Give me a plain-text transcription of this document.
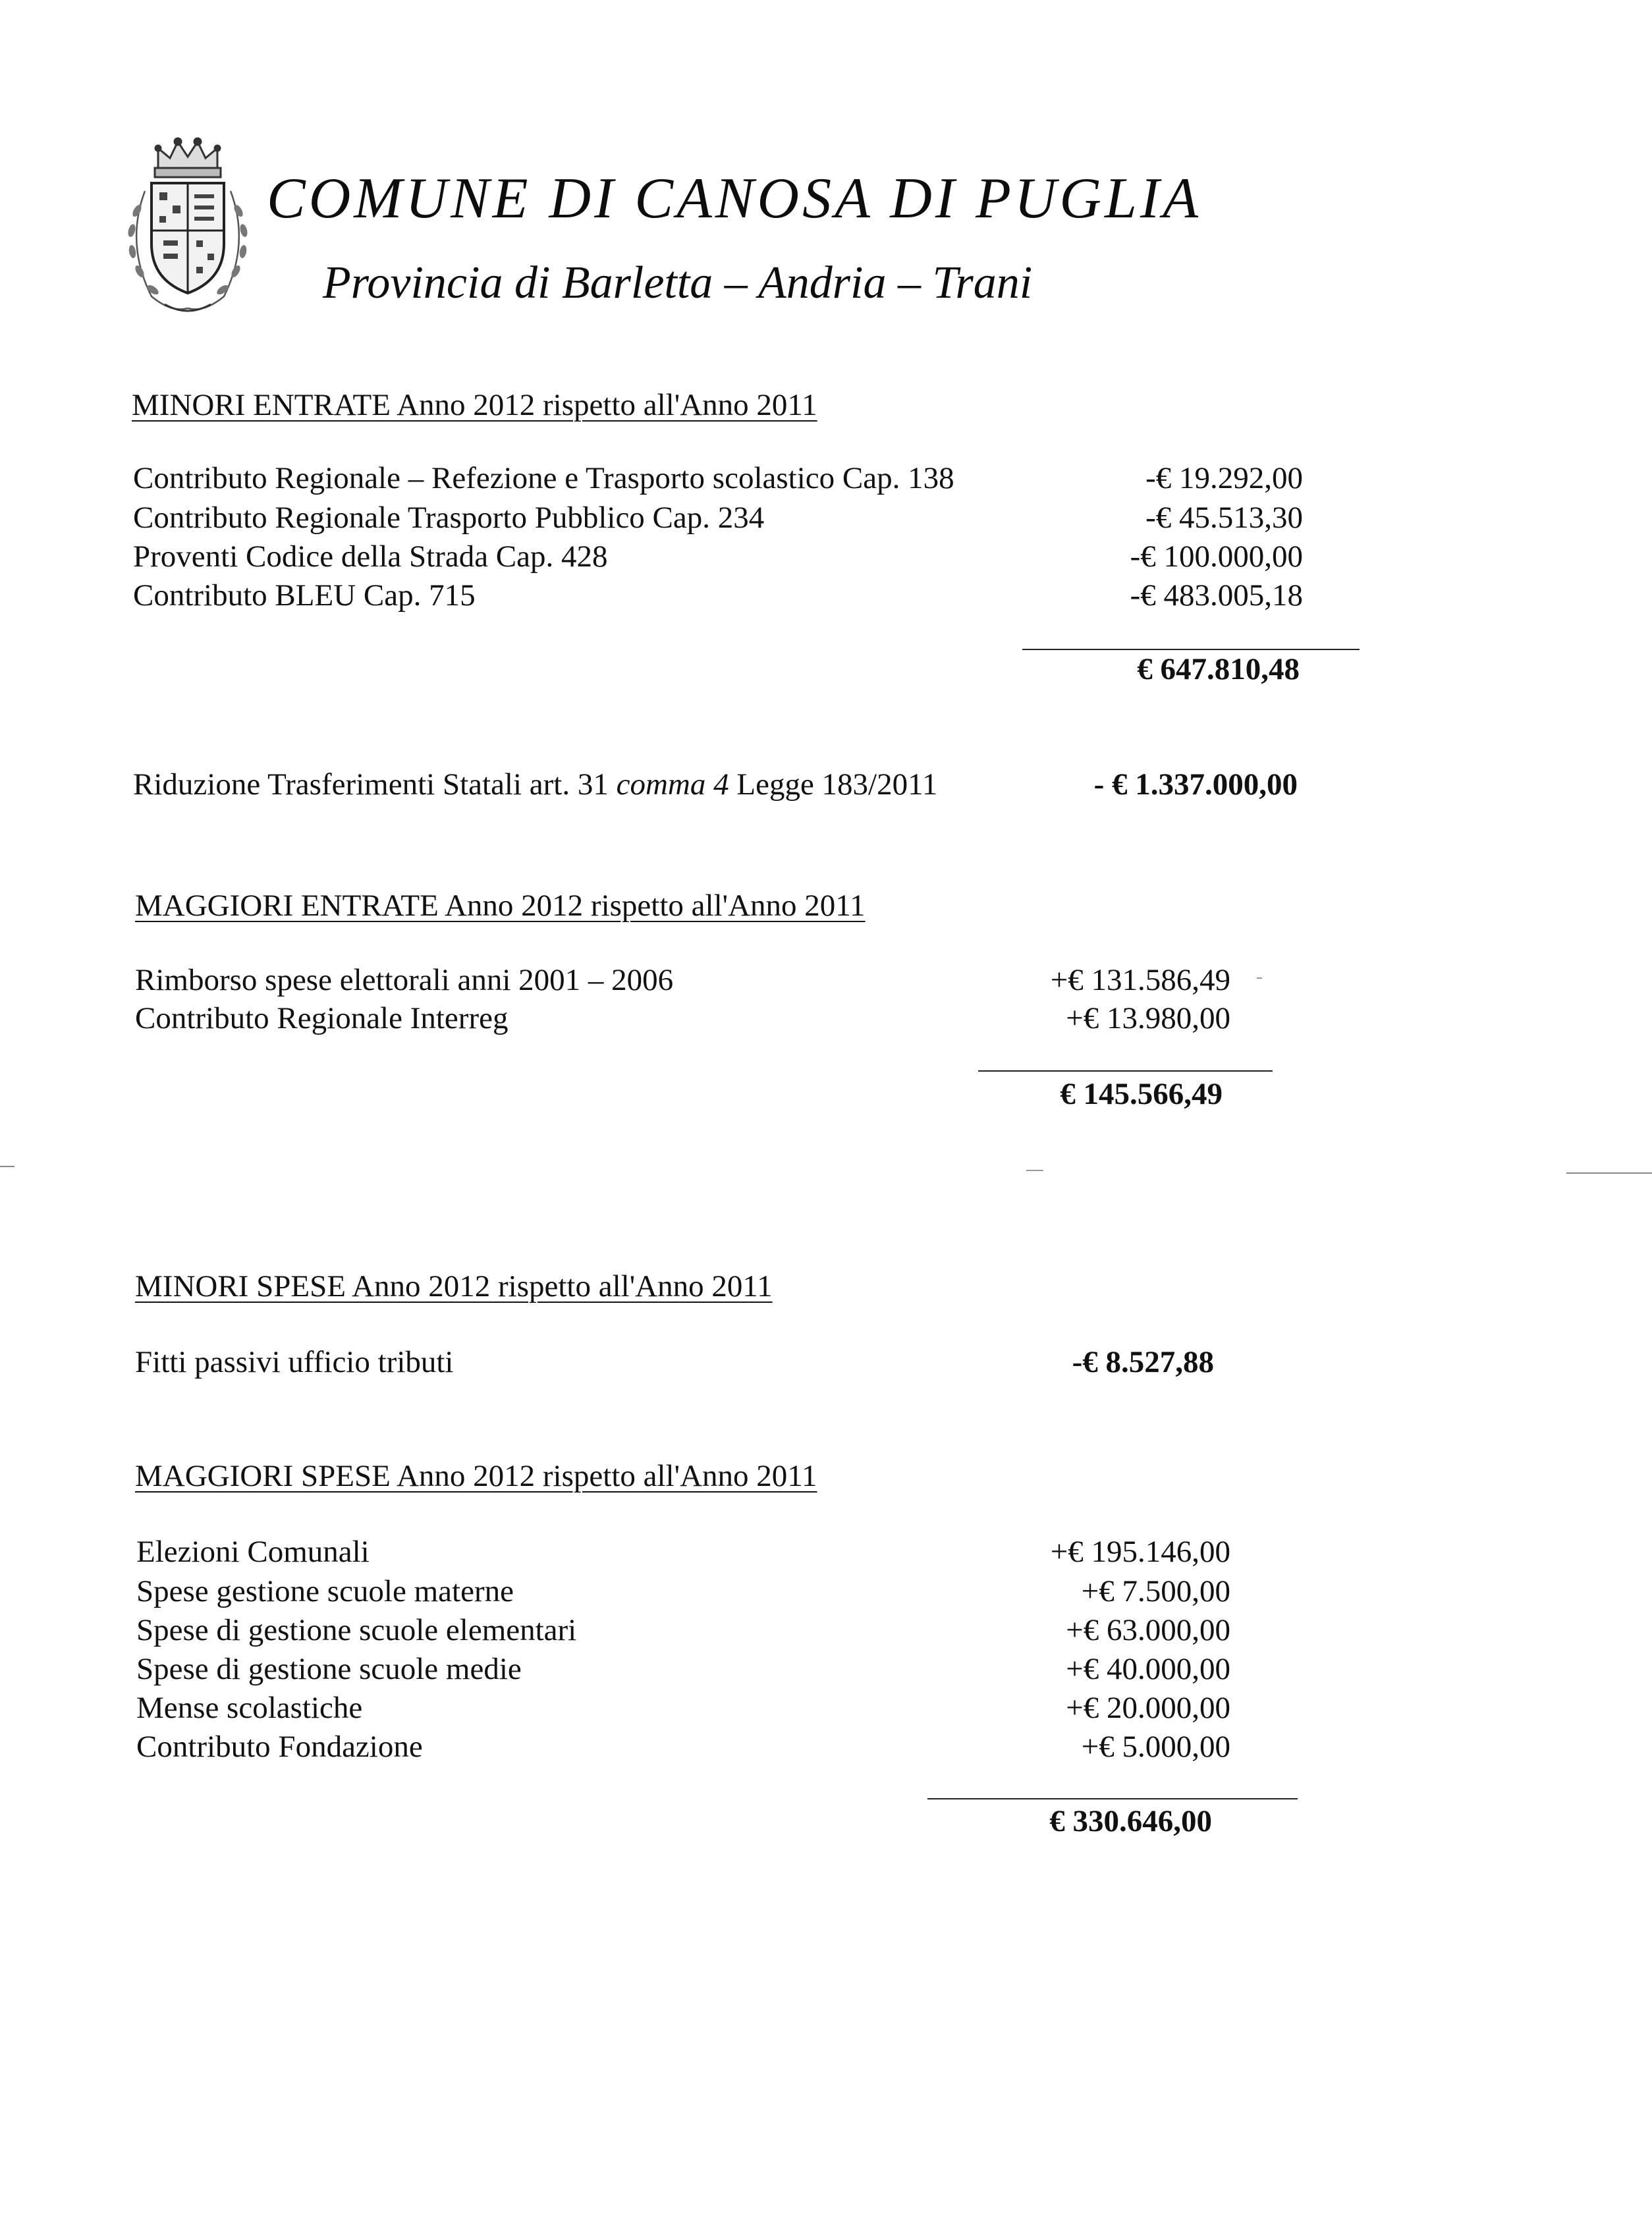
COMUNE DI CANOSA DI PUGLIA
Provincia di Barletta – Andria – Trani
MINORI ENTRATE Anno 2012 rispetto all'Anno 2011
Contributo Regionale – Refezione e Trasporto scolastico Cap. 138
Contributo Regionale Trasporto Pubblico Cap. 234
Proventi Codice della Strada Cap. 428
Contributo BLEU Cap. 715
-€ 19.292,00
-€ 45.513,30
-€ 100.000,00
-€ 483.005,18
€ 647.810,48
Riduzione Trasferimenti Statali art. 31 comma 4 Legge 183/2011	- € 1.337.000,00
MAGGIORI ENTRATE Anno 2012 rispetto all'Anno 2011
Rimborso spese elettorali anni 2001 – 2006
Contributo Regionale Interreg
+€ 131.586,49
+€ 13.980,00
€ 145.566,49
MINORI SPESE Anno 2012 rispetto all'Anno 2011
Fitti passivi ufficio tributi	-€ 8.527,88
MAGGIORI SPESE Anno 2012 rispetto all'Anno 2011
Elezioni Comunali
Spese gestione scuole materne
Spese di gestione scuole elementari
Spese di gestione scuole medie
Mense scolastiche
Contributo Fondazione
+€ 195.146,00
+€ 7.500,00
+€ 63.000,00
+€ 40.000,00
+€ 20.000,00
+€ 5.000,00
€ 330.646,00
